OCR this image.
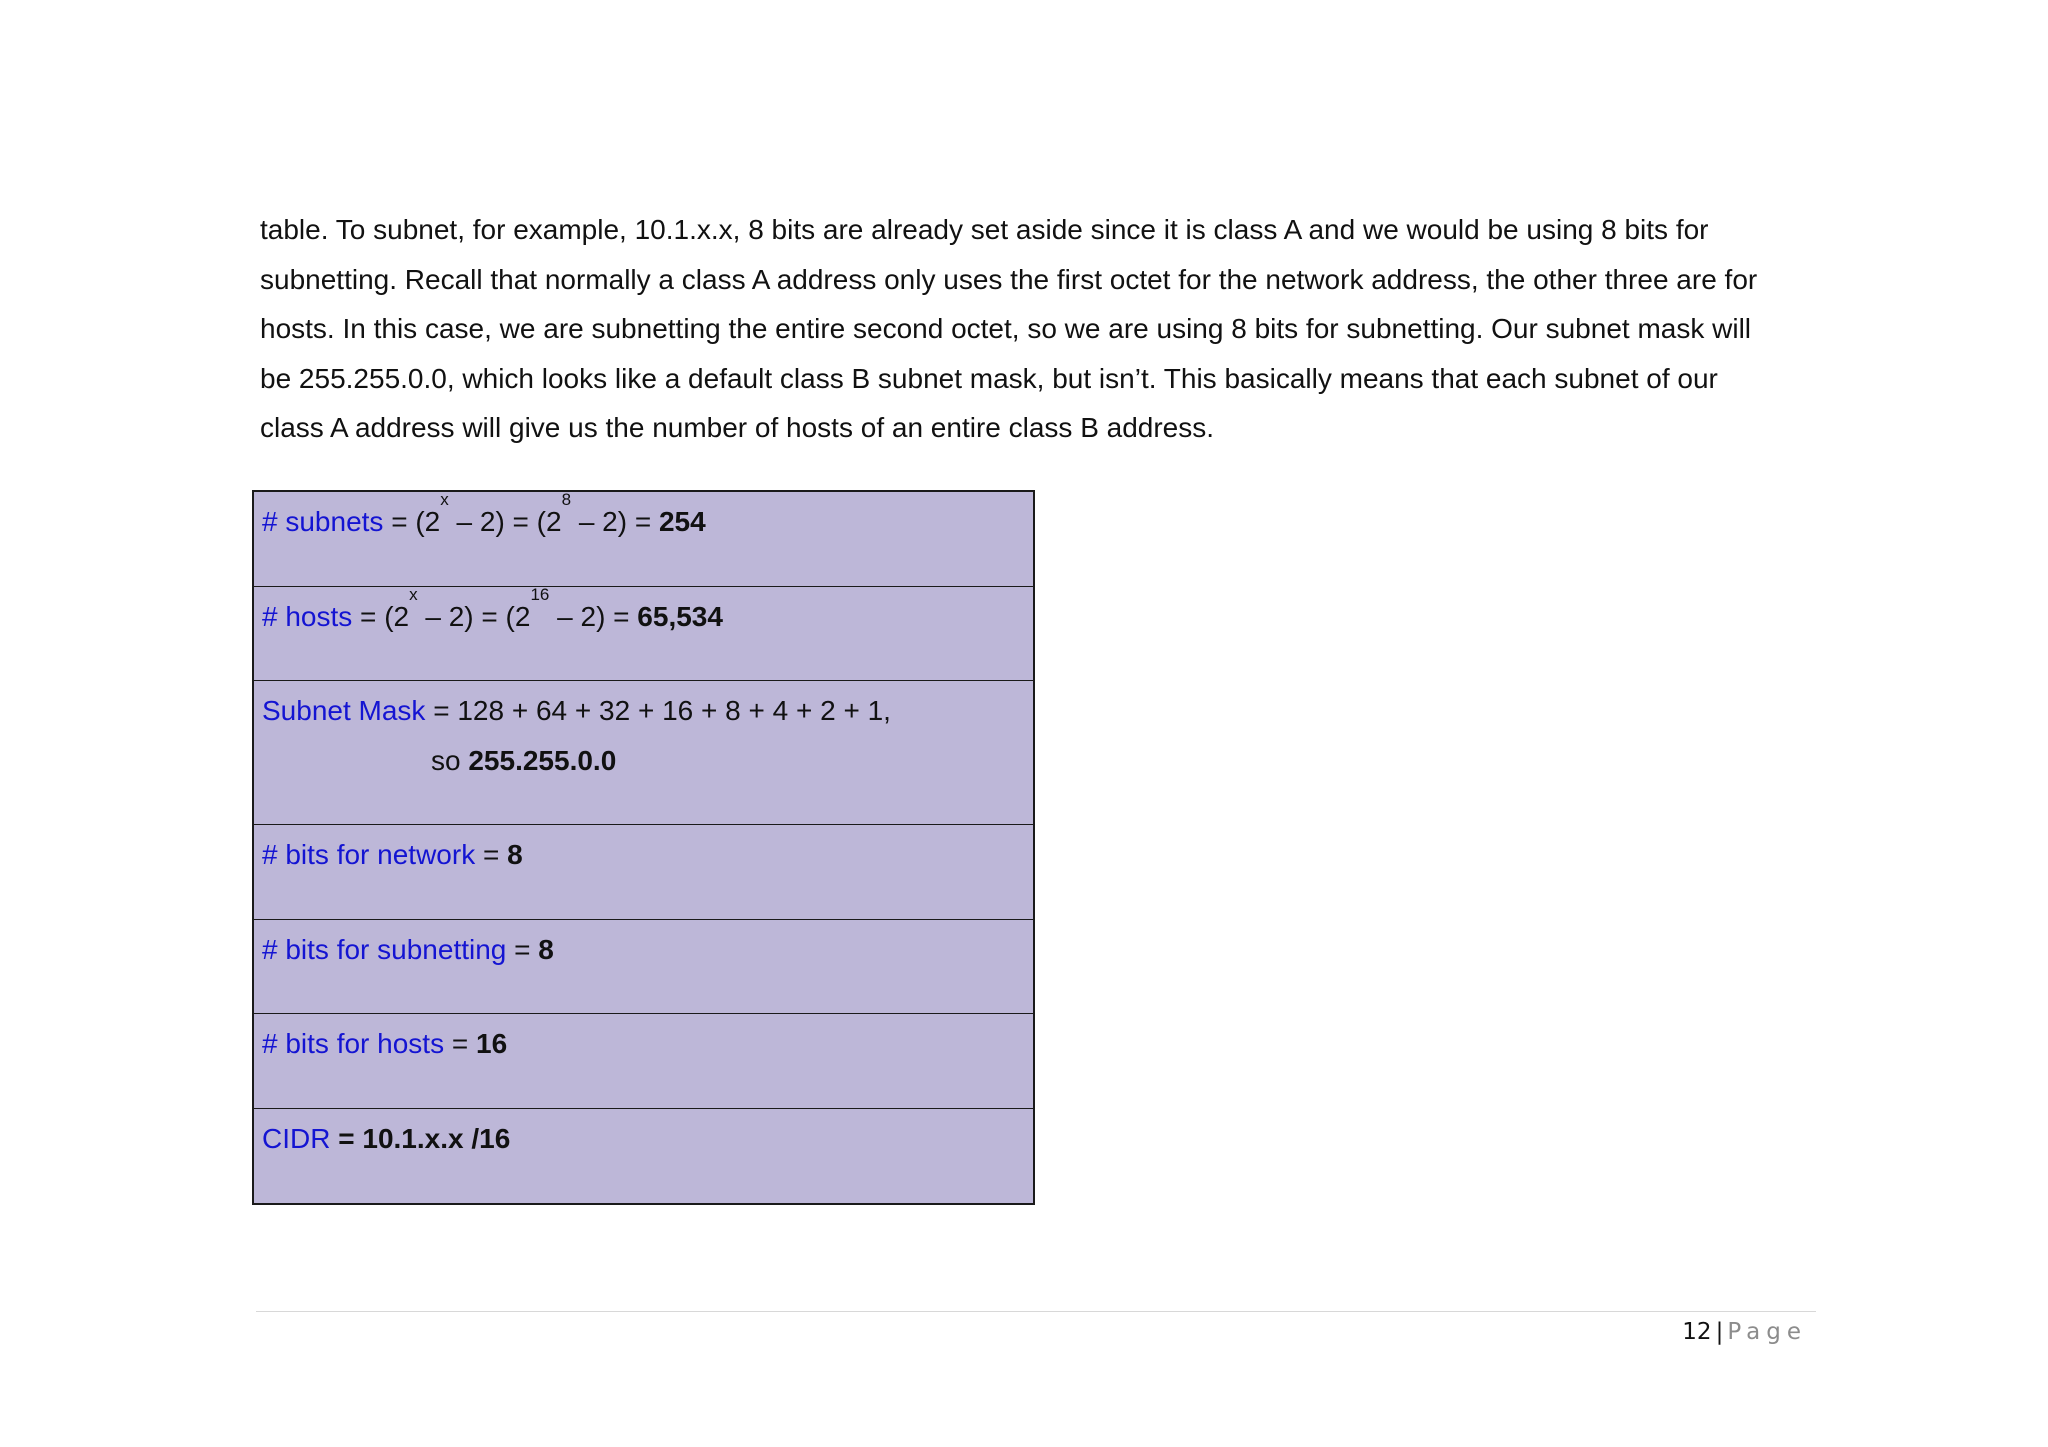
table. To subnet, for example, 10.1.x.x, 8 bits are already set aside since it is class A and we would be using 8 bits for
subnetting. Recall that normally a class A address only uses the first octet for the network address, the other three are for
hosts. In this case, we are subnetting the entire second octet, so we are using 8 bits for subnetting. Our subnet mask will
be 255.255.0.0, which looks like a default class B subnet mask, but isn’t. This basically means that each subnet of our
class A address will give us the number of hosts of an entire class B address.
# subnets = $(2^x - 2) = (2^8 - 2) = 254$
# hosts = $(2^x - 2) = (2^{16} - 2) = 65,534$
Subnet Mask = 128 + 64 + 32 + 16 + 8 + 4 + 2 + 1,
so 255.255.0.0
# bits for network = 8
# bits for subnetting = 8
# bits for hosts = 16
CIDR = 10.1.x.x /16
12 | Page
